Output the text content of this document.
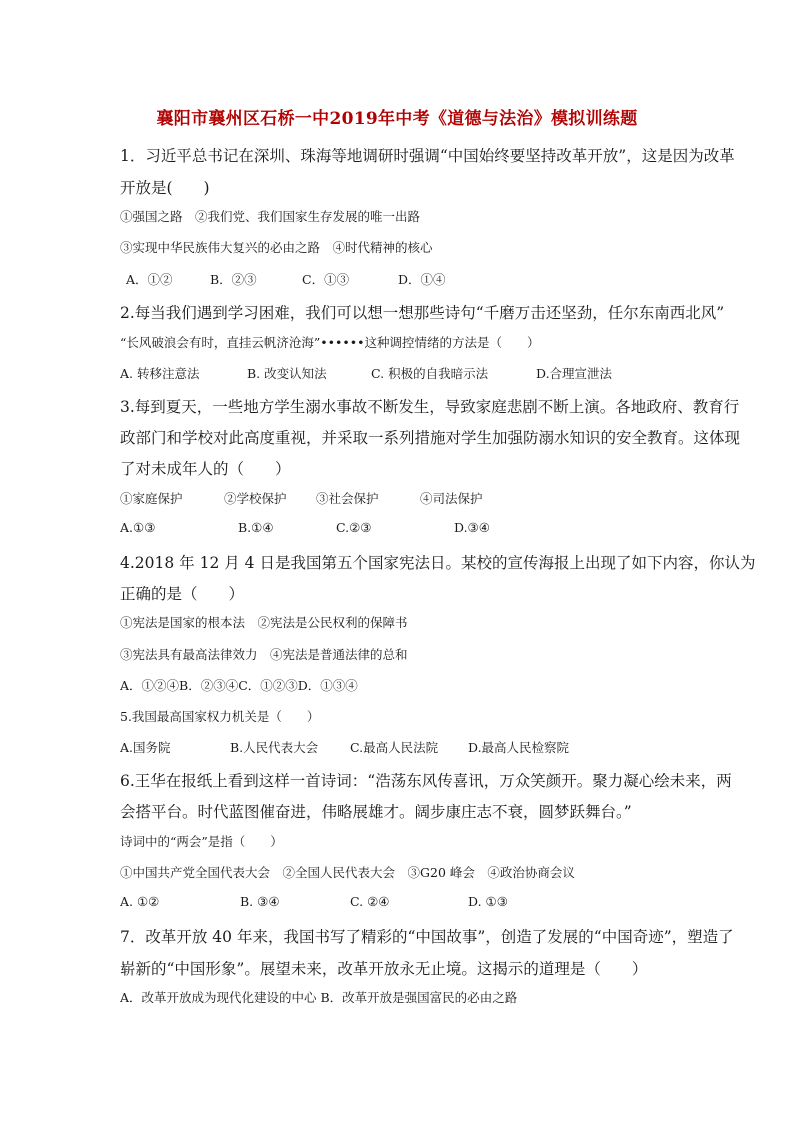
襄阳市襄州区石桥一中2019年中考《道德与法治》模拟训练题
1．习近平总书记在深圳、珠海等地调研时强调“中国始终要坚持改革开放”，这是因为改革
开放是(　　)
①强国之路　②我们党、我们国家生存发展的唯一出路
③实现中华民族伟大复兴的必由之路　④时代精神的核心
A．①②	B．②③	C．①③	D．①④
2.每当我们遇到学习困难，我们可以想一想那些诗句“千磨万击还坚劲，任尔东南西北风”
“长风破浪会有时，直挂云帆济沧海”••••••这种调控情绪的方法是（　　）
A. 转移注意法	B. 改变认知法	C. 积极的自我暗示法	D.合理宣泄法
3.每到夏天，一些地方学生溺水事故不断发生，导致家庭悲剧不断上演。各地政府、教育行
政部门和学校对此高度重视，并采取一系列措施对学生加强防溺水知识的安全教育。这体现
了对未成年人的（　　）
①家庭保护	②学校保护 ③社会保护	④司法保护
A.①③	B.①④	C.②③	D.③④
4.2018 年 12 月 4 日是我国第五个国家宪法日。某校的宣传海报上出现了如下内容，你认为
正确的是（　　）
①宪法是国家的根本法　②宪法是公民权利的保障书
③宪法具有最高法律效力　④宪法是普通法律的总和
A．①②④B．②③④C．①②③D．①③④
5.我国最高国家权力机关是（　　）
A.国务院	B.人民代表大会	C.最高人民法院 D.最高人民检察院
6.王华在报纸上看到这样一首诗词：“浩荡东风传喜讯，万众笑颜开。聚力凝心绘未来，两
会搭平台。时代蓝图催奋进，伟略展雄才。阔步康庄志不衰，圆梦跃舞台。”
诗词中的“两会”是指（　　）
①中国共产党全国代表大会　②全国人民代表大会　③G20 峰会　④政治协商会议
A. ①②	B. ③④	C. ②④	D. ①③
7．改革开放 40 年来，我国书写了精彩的“中国故事”，创造了发展的“中国奇迹”，塑造了
崭新的“中国形象”。展望未来，改革开放永无止境。这揭示的道理是（　　）
A．改革开放成为现代化建设的中心 B．改革开放是强国富民的必由之路
